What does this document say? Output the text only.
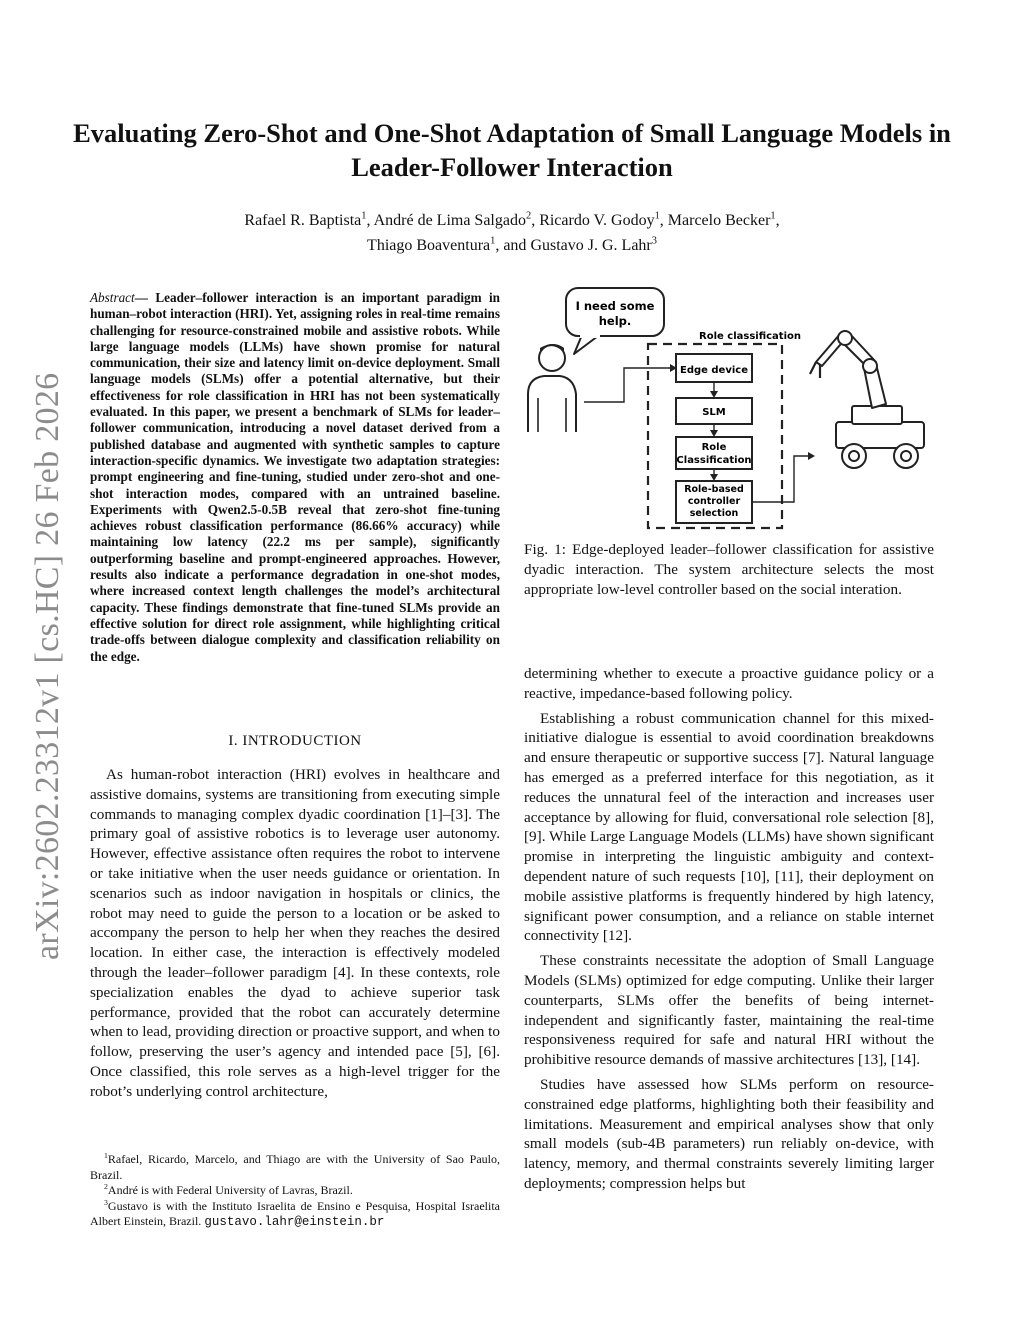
Evaluating Zero-Shot and One-Shot Adaptation of Small Language Models in Leader-Follower Interaction
Rafael R. Baptista$^1$, André de Lima Salgado$^2$, Ricardo V. Godoy$^1$, Marcelo Becker$^1$,
Thiago Boaventura$^1$, and Gustavo J. G. Lahr$^3$
arXiv:2602.23312v1 [cs.HC] 26 Feb 2026
Abstract— Leader–follower interaction is an important paradigm in human–robot interaction (HRI). Yet, assigning roles in real-time remains challenging for resource-constrained mobile and assistive robots. While large language models (LLMs) have shown promise for natural communication, their size and latency limit on-device deployment. Small language models (SLMs) offer a potential alternative, but their effectiveness for role classification in HRI has not been systematically evaluated. In this paper, we present a benchmark of SLMs for leader–follower communication, introducing a novel dataset derived from a published database and augmented with synthetic samples to capture interaction-specific dynamics. We investigate two adaptation strategies: prompt engineering and fine-tuning, studied under zero-shot and one-shot interaction modes, compared with an untrained baseline. Experiments with Qwen2.5-0.5B reveal that zero-shot fine-tuning achieves robust classification performance (86.66% accuracy) while maintaining low latency (22.2 ms per sample), significantly outperforming baseline and prompt-engineered approaches. However, results also indicate a performance degradation in one-shot modes, where increased context length challenges the model’s architectural capacity. These findings demonstrate that fine-tuned SLMs provide an effective solution for direct role assignment, while highlighting critical trade-offs between dialogue complexity and classification reliability on the edge.
I. INTRODUCTION

As human-robot interaction (HRI) evolves in healthcare and assistive domains, systems are transitioning from executing simple commands to managing complex dyadic coordination [1]–[3]. The primary goal of assistive robotics is to leverage user autonomy. However, effective assistance often requires the robot to intervene or take initiative when the user needs guidance or orientation. In scenarios such as indoor navigation in hospitals or clinics, the robot may need to guide the person to a location or be asked to accompany the person to help her when they reaches the desired location. In either case, the interaction is effectively modeled through the leader–follower paradigm [4]. In these contexts, role specialization enables the dyad to achieve superior task performance, provided that the robot can accurately determine when to lead, providing direction or proactive support, and when to follow, preserving the user’s agency and intended pace [5], [6]. Once classified, this role serves as a high-level trigger for the robot’s underlying control architecture,

$^1$Rafael, Ricardo, Marcelo, and Thiago are with the University of Sao Paulo, Brazil.

$^2$André is with Federal University of Lavras, Brazil.

$^3$Gustavo is with the Instituto Israelita de Ensino e Pesquisa, Hospital Israelita Albert Einstein, Brazil. gustavo.lahr@einstein.br

I need some
help.
Role classification
Edge device
SLM
Role
Classification
Role-based
controller
selection
Fig. 1: Edge-deployed leader–follower classification for assistive dyadic interaction. The system architecture selects the most appropriate low-level controller based on the social interation.

determining whether to execute a proactive guidance policy or a reactive, impedance-based following policy.

Establishing a robust communication channel for this mixed-initiative dialogue is essential to avoid coordination breakdowns and ensure therapeutic or supportive success [7]. Natural language has emerged as a preferred interface for this negotiation, as it reduces the unnatural feel of the interaction and increases user acceptance by allowing for fluid, conversational role selection [8], [9]. While Large Language Models (LLMs) have shown significant promise in interpreting the linguistic ambiguity and context-dependent nature of such requests [10], [11], their deployment on mobile assistive platforms is frequently hindered by high latency, significant power consumption, and a reliance on stable internet connectivity [12].

These constraints necessitate the adoption of Small Language Models (SLMs) optimized for edge computing. Unlike their larger counterparts, SLMs offer the benefits of being internet-independent and significantly faster, maintaining the real-time responsiveness required for safe and natural HRI without the prohibitive resource demands of massive architectures [13], [14].

Studies have assessed how SLMs perform on resource-constrained edge platforms, highlighting both their feasibility and limitations. Measurement and empirical analyses show that only small models (sub-4B parameters) run reliably on-device, with latency, memory, and thermal constraints severely limiting larger deployments; compression helps but
